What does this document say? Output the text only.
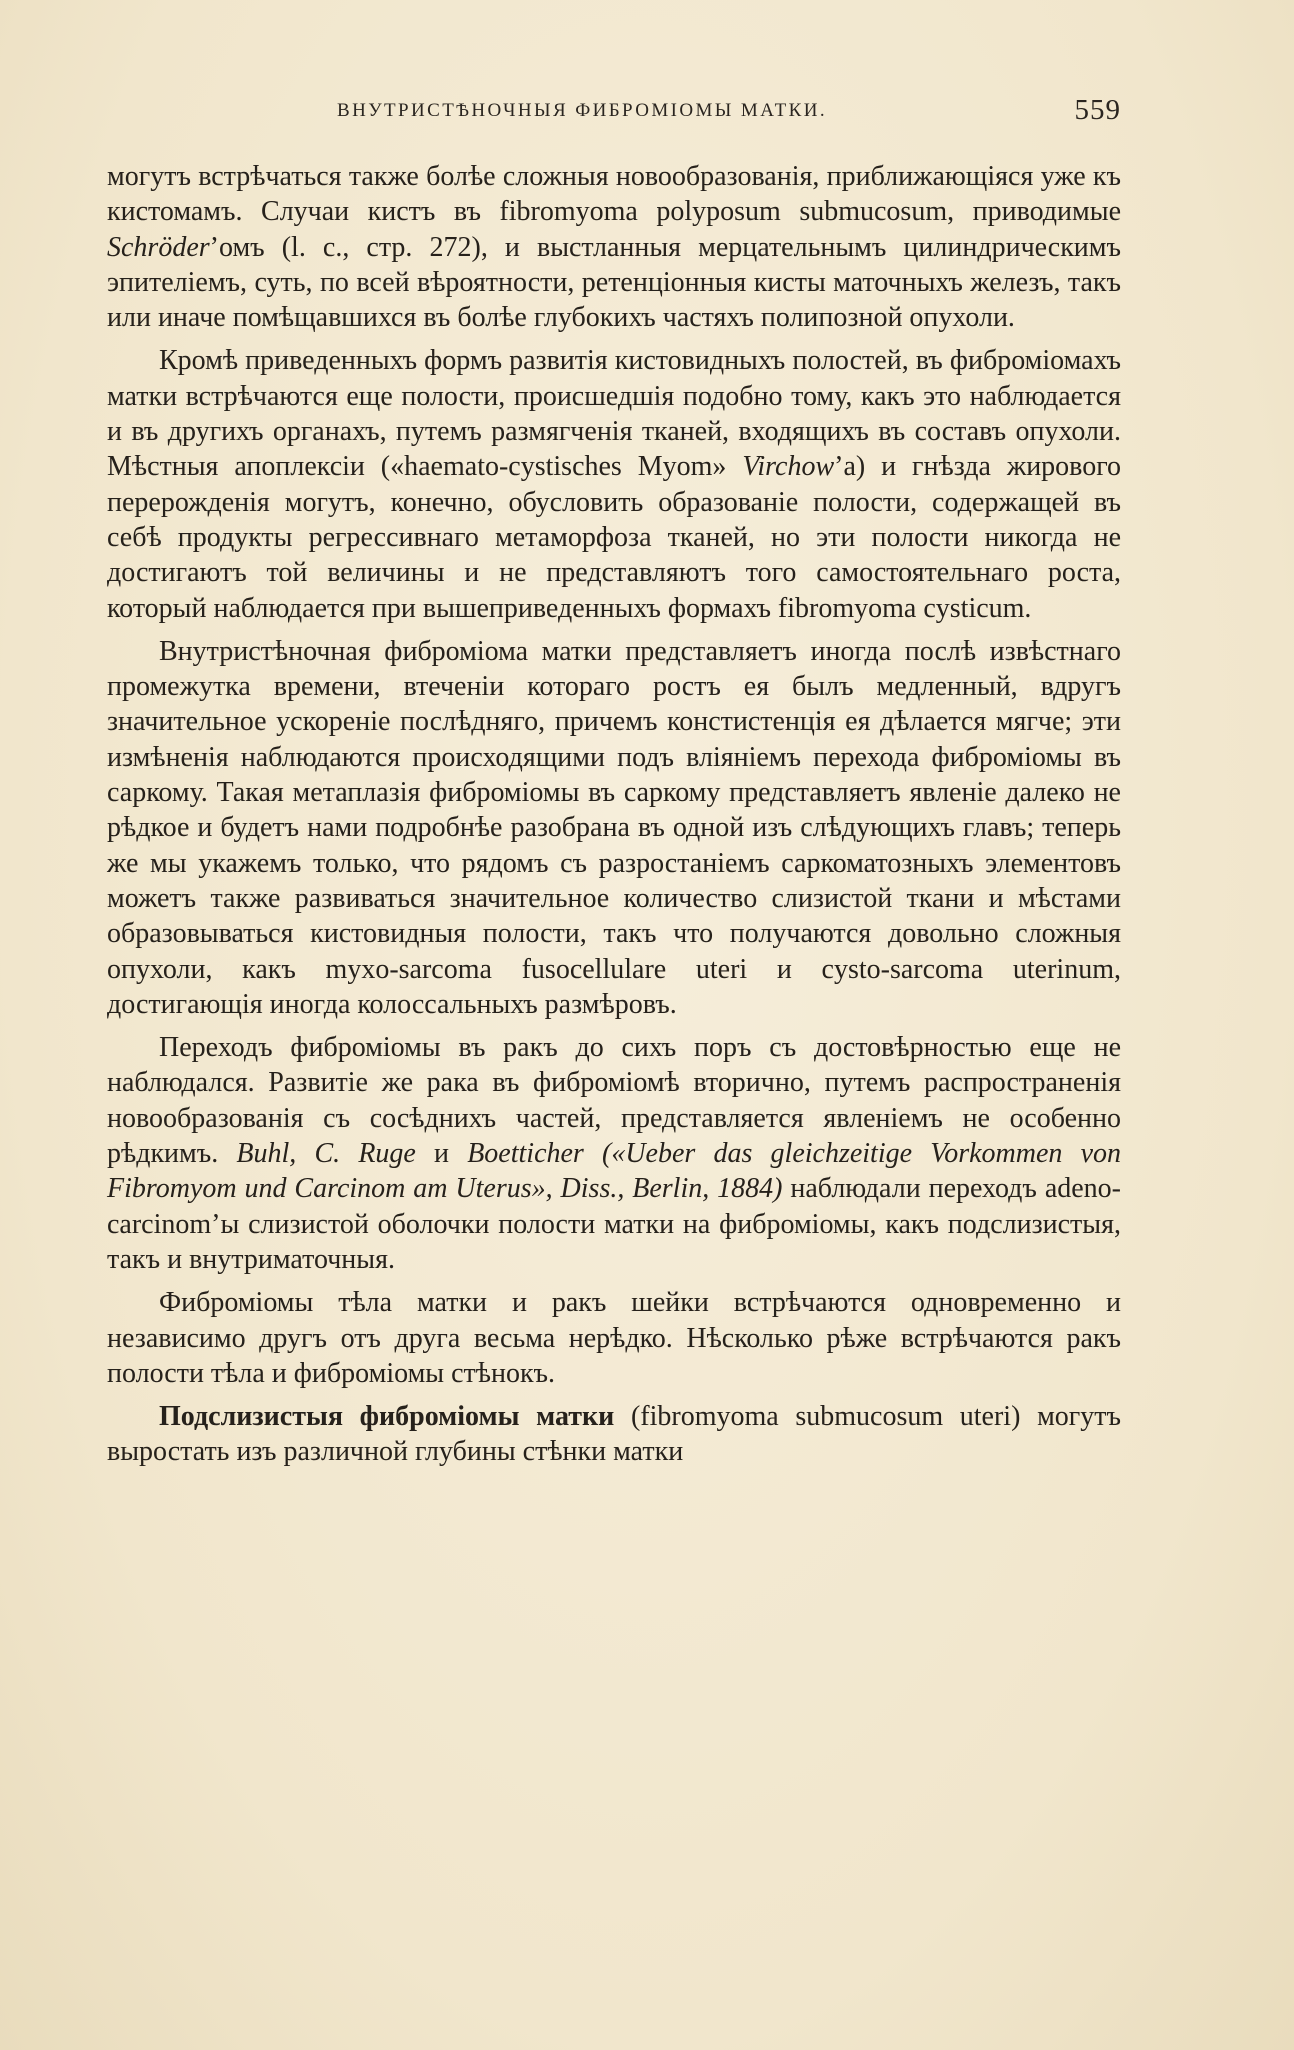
ВНУТРИСТѢНОЧНЫЯ ФИБРОМІОМЫ МАТКИ.	559

могутъ встрѣчаться также болѣе сложныя новообразованія, приближающіяся уже къ кистомамъ. Случаи кистъ въ fibromyoma polyposum submucosum, приводимые Schröder’омъ (l. c., стр. 272), и выстланныя мерцательнымъ цилиндрическимъ эпителіемъ, суть, по всей вѣроятности, ретенціонныя кисты маточныхъ железъ, такъ или иначе помѣщавшихся въ болѣе глубокихъ частяхъ полипозной опухоли.

Кромѣ приведенныхъ формъ развитія кистовидныхъ полостей, въ фиброміомахъ матки встрѣчаются еще полости, происшедшія подобно тому, какъ это наблюдается и въ другихъ органахъ, путемъ размягченія тканей, входящихъ въ составъ опухоли. Мѣстныя апоплексіи («haemato-cystisches Myom» Virchow’а) и гнѣзда жирового перерожденія могутъ, конечно, обусловить образованіе полости, содержащей въ себѣ продукты регрессивнаго метаморфоза тканей, но эти полости никогда не достигаютъ той величины и не представляютъ того самостоятельнаго роста, который наблюдается при вышеприведенныхъ формахъ fibromyoma cysticum.

Внутристѣночная фиброміома матки представляетъ иногда послѣ извѣстнаго промежутка времени, втеченіи котораго ростъ ея былъ медленный, вдругъ значительное ускореніе послѣдняго, причемъ констистенція ея дѣлается мягче; эти измѣненія наблюдаются происходящими подъ вліяніемъ перехода фиброміомы въ саркому. Такая метаплазія фиброміомы въ саркому представляетъ явленіе далеко не рѣдкое и будетъ нами подробнѣе разобрана въ одной изъ слѣдующихъ главъ; теперь же мы укажемъ только, что рядомъ съ разростаніемъ саркоматозныхъ элементовъ можетъ также развиваться значительное количество слизистой ткани и мѣстами образовываться кистовидныя полости, такъ что получаются довольно сложныя опухоли, какъ myxo-sarcoma fusocellulare uteri и cysto-sarcoma uterinum, достигающія иногда колоссальныхъ размѣровъ.

Переходъ фиброміомы въ ракъ до сихъ поръ съ достовѣрностью еще не наблюдался. Развитіе же рака въ фиброміомѣ вторично, путемъ распространенія новообразованія съ сосѣднихъ частей, представляется явленіемъ не особенно рѣдкимъ. Buhl, C. Ruge и Boetticher («Ueber das gleichzeitige Vorkommen von Fibromyom und Carcinom am Uterus», Diss., Berlin, 1884) наблюдали переходъ adeno-carcinom’ы слизистой оболочки полости матки на фиброміомы, какъ подслизистыя, такъ и внутриматочныя.

Фиброміомы тѣла матки и ракъ шейки встрѣчаются одновременно и независимо другъ отъ друга весьма нерѣдко. Нѣсколько рѣже встрѣчаются ракъ полости тѣла и фиброміомы стѣнокъ.

Подслизистыя фиброміомы матки (fibromyoma submucosum uteri) могутъ выростать изъ различной глубины стѣнки матки
